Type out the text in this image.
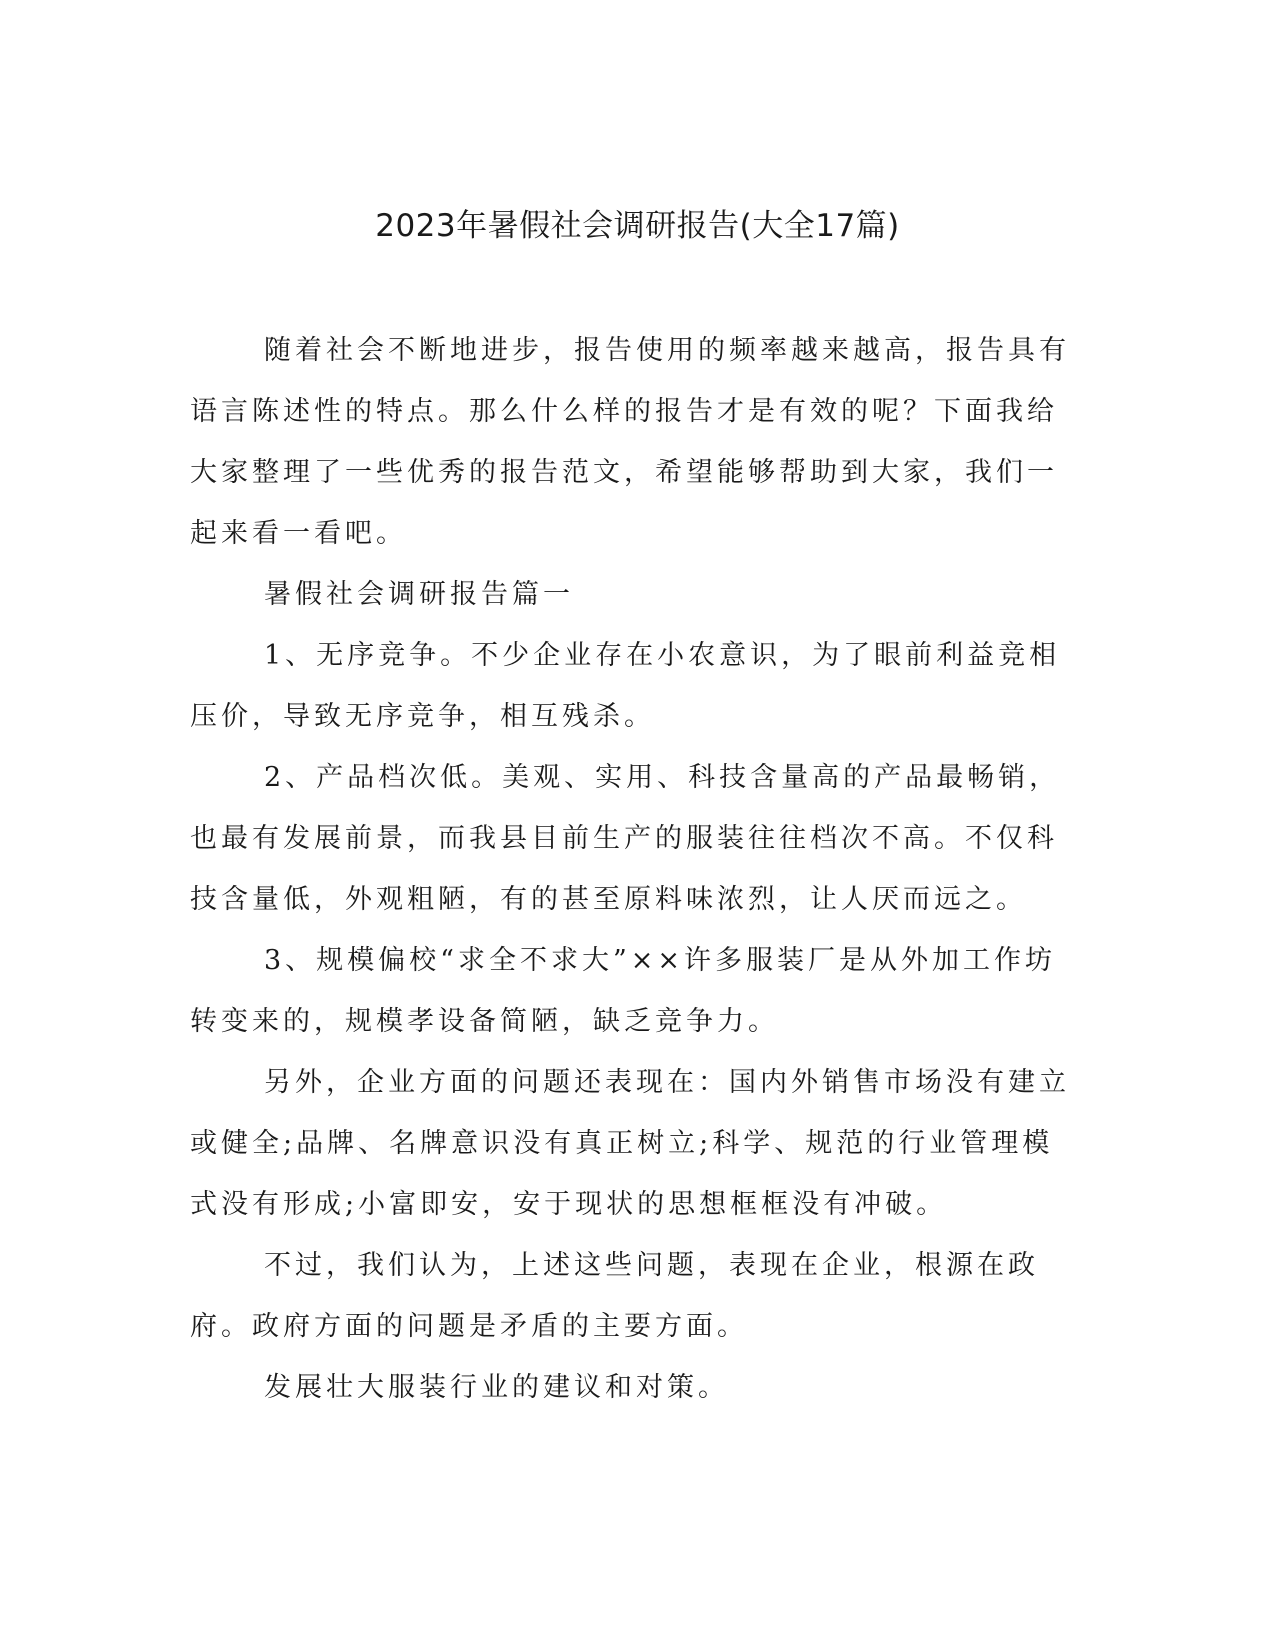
2023年暑假社会调研报告(大全17篇)

随着社会不断地进步，报告使用的频率越来越高，报告具有语言陈述性的特点。那么什么样的报告才是有效的呢？下面我给大家整理了一些优秀的报告范文，希望能够帮助到大家，我们一起来看一看吧。

暑假社会调研报告篇一

1、无序竞争。不少企业存在小农意识，为了眼前利益竞相压价，导致无序竞争，相互残杀。

2、产品档次低。美观、实用、科技含量高的产品最畅销，也最有发展前景，而我县目前生产的服装往往档次不高。不仅科技含量低，外观粗陋，有的甚至原料味浓烈，让人厌而远之。

3、规模偏校“求全不求大”××许多服装厂是从外加工作坊转变来的，规模孝设备简陋，缺乏竞争力。

另外，企业方面的问题还表现在：国内外销售市场没有建立或健全;品牌、名牌意识没有真正树立;科学、规范的行业管理模式没有形成;小富即安，安于现状的思想框框没有冲破。

不过，我们认为，上述这些问题，表现在企业，根源在政府。政府方面的问题是矛盾的主要方面。

发展壮大服装行业的建议和对策。
